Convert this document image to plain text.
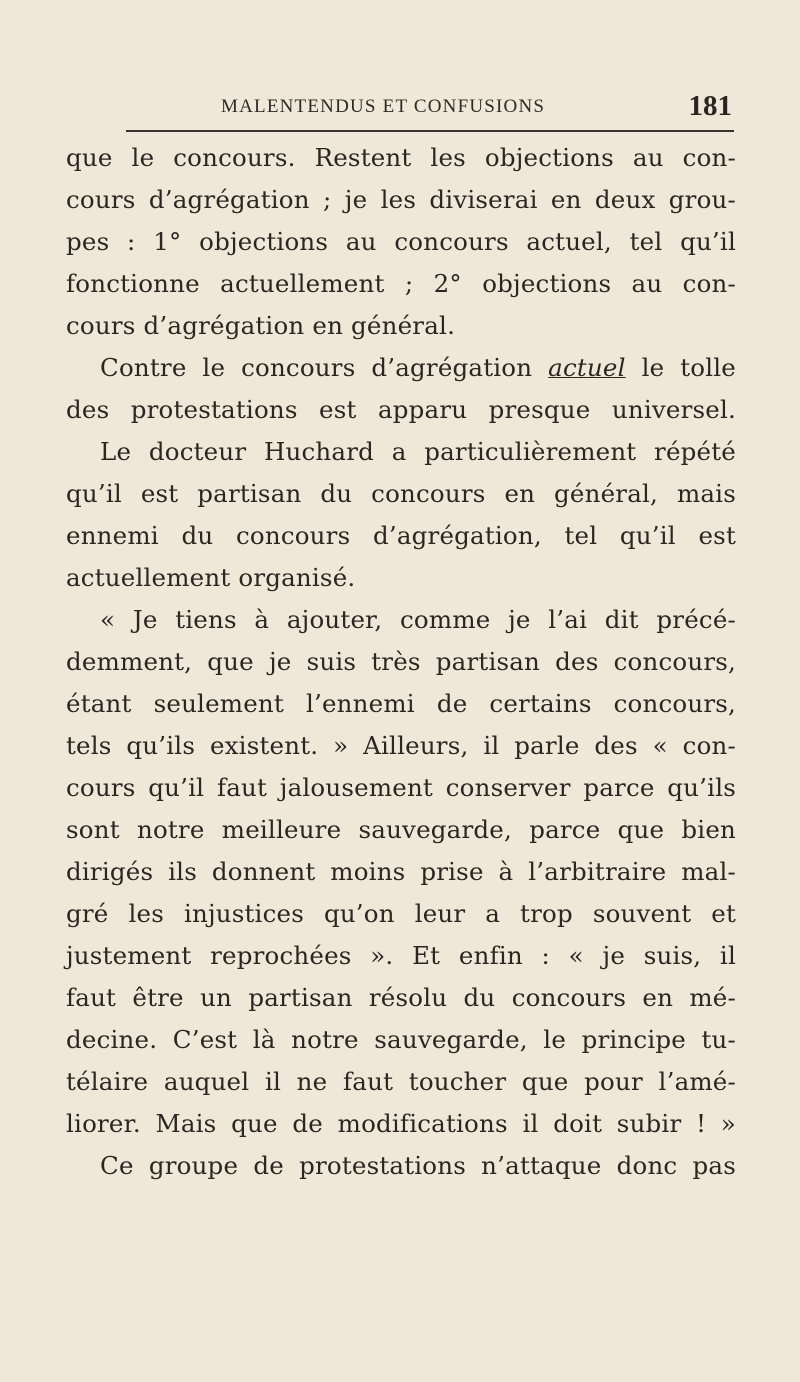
MALENTENDUS ET CONFUSIONS	181
que le concours. Restent les objections au con-
cours d’agrégation ; je les diviserai en deux grou-
pes : 1° objections au concours actuel, tel qu’il
fonctionne actuellement ; 2° objections au con-
cours d’agrégation en général.
Contre le concours d’agrégation actuel le tolle
des protestations est apparu presque universel.
Le docteur Huchard a particulièrement répété
qu’il est partisan du concours en général, mais
ennemi du concours d’agrégation, tel qu’il est
actuellement organisé.
« Je tiens à ajouter, comme je l’ai dit précé-
demment, que je suis très partisan des concours,
étant seulement l’ennemi de certains concours,
tels qu’ils existent. » Ailleurs, il parle des « con-
cours qu’il faut jalousement conserver parce qu’ils
sont notre meilleure sauvegarde, parce que bien
dirigés ils donnent moins prise à l’arbitraire mal-
gré les injustices qu’on leur a trop souvent et
justement reprochées ». Et enfin : « je suis, il
faut être un partisan résolu du concours en mé-
decine. C’est là notre sauvegarde, le principe tu-
télaire auquel il ne faut toucher que pour l’amé-
liorer. Mais que de modifications il doit subir ! »
Ce groupe de protestations n’attaque donc pas
